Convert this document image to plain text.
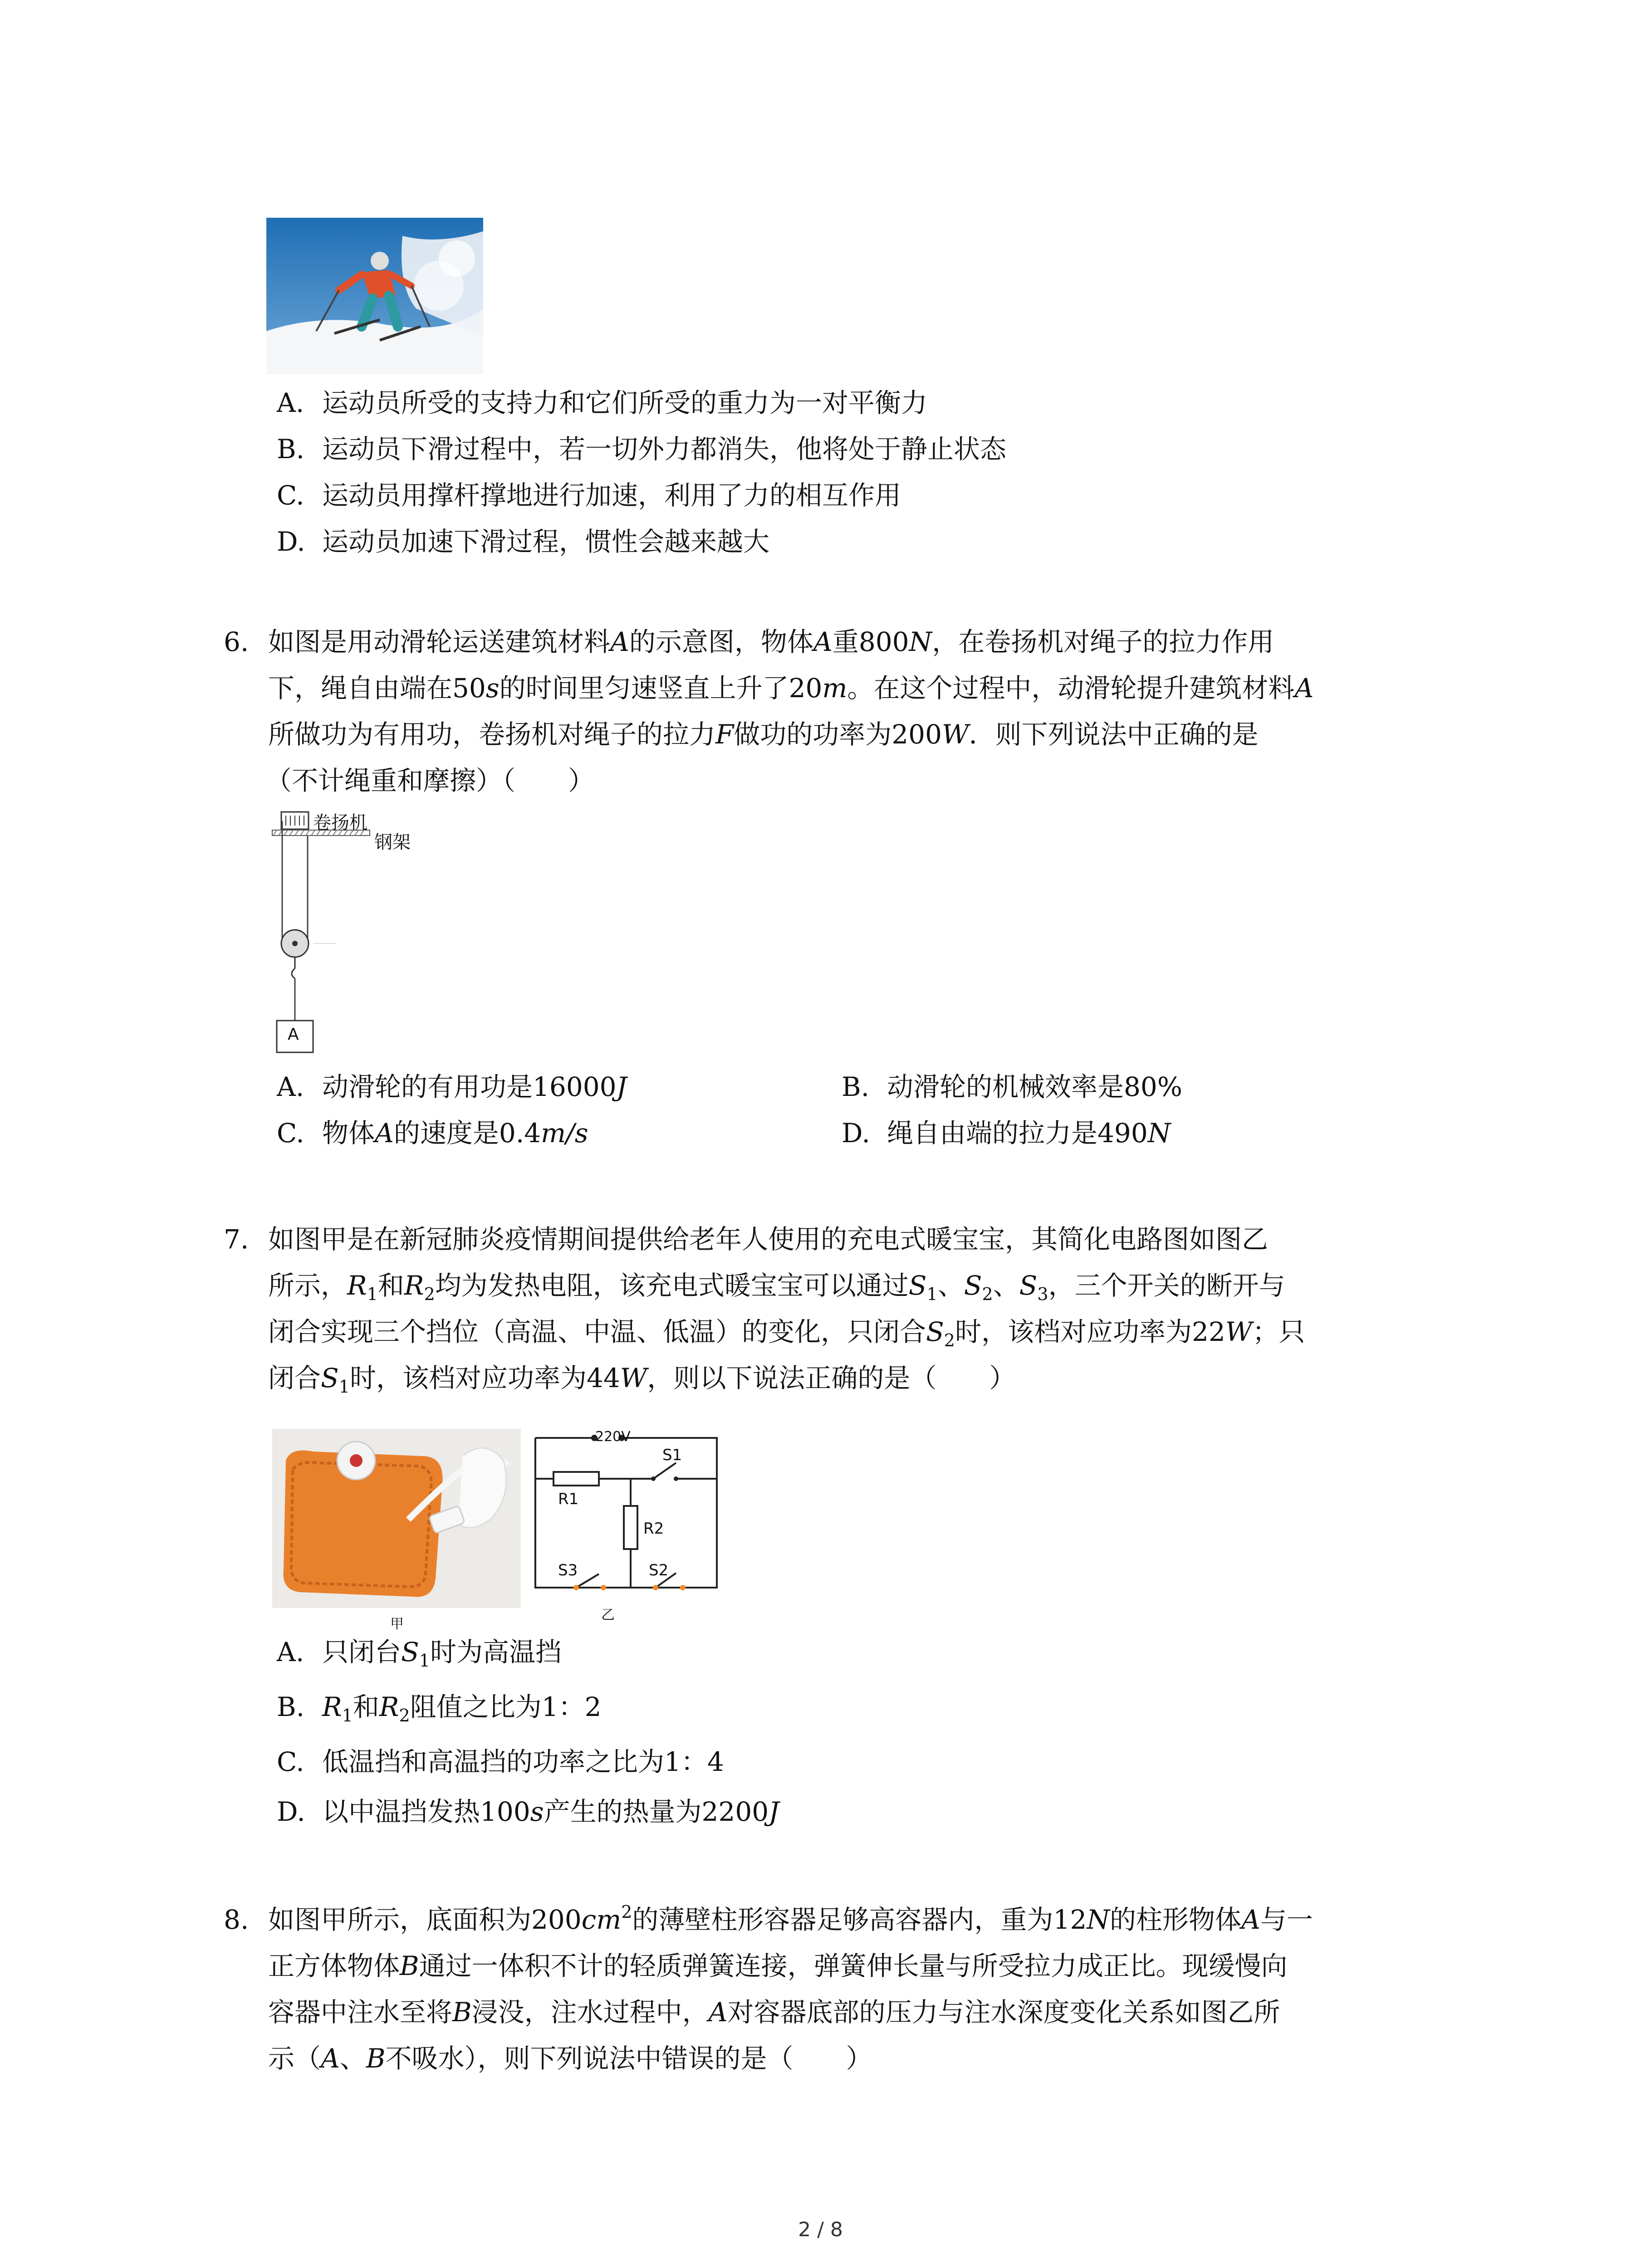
A. 运动员所受的支持力和它们所受的重力为一对平衡力
B. 运动员下滑过程中，若一切外力都消失，他将处于静止状态
C. 运动员用撑杆撑地进行加速，利用了力的相互作用
D. 运动员加速下滑过程，惯性会越来越大
6. 如图是用动滑轮运送建筑材料A的示意图，物体A重800N，在卷扬机对绳子的拉力作用
下，绳自由端在50s的时间里匀速竖直上升了20m。在这个过程中，动滑轮提升建筑材料A
所做功为有用功，卷扬机对绳子的拉力F做功的功率为200W．则下列说法中正确的是
（不计绳重和摩擦）（　　）
卷扬机
钢架
A
A. 动滑轮的有用功是16000J	B. 动滑轮的机械效率是80%
C. 物体A的速度是0.4m/s	D. 绳自由端的拉力是490N
7. 如图甲是在新冠肺炎疫情期间提供给老年人使用的充电式暖宝宝，其简化电路图如图乙
所示，$R_1$和$R_2$均为发热电阻，该充电式暖宝宝可以通过$S_1$、$S_2$、$S_3$，三个开关的断开与
闭合实现三个挡位（高温、中温、低温）的变化，只闭合$S_2$时，该档对应功率为22W；只
闭合$S_1$时，该档对应功率为44W，则以下说法正确的是（　　）
甲
220V
R1
R2
S1
S3	S2
乙
A. 只闭台$S_1$时为高温挡
B. $R_1$和$R_2$阻值之比为1：2
C. 低温挡和高温挡的功率之比为1：4
D. 以中温挡发热100s产生的热量为2200J
8. 如图甲所示，底面积为$200cm^2$的薄壁柱形容器足够高容器内，重为12N的柱形物体A与一
正方体物体B通过一体积不计的轻质弹簧连接，弹簧伸长量与所受拉力成正比。现缓慢向
容器中注水至将B浸没，注水过程中，A对容器底部的压力与注水深度变化关系如图乙所
示（A、B不吸水），则下列说法中错误的是（　　）
2 / 8
